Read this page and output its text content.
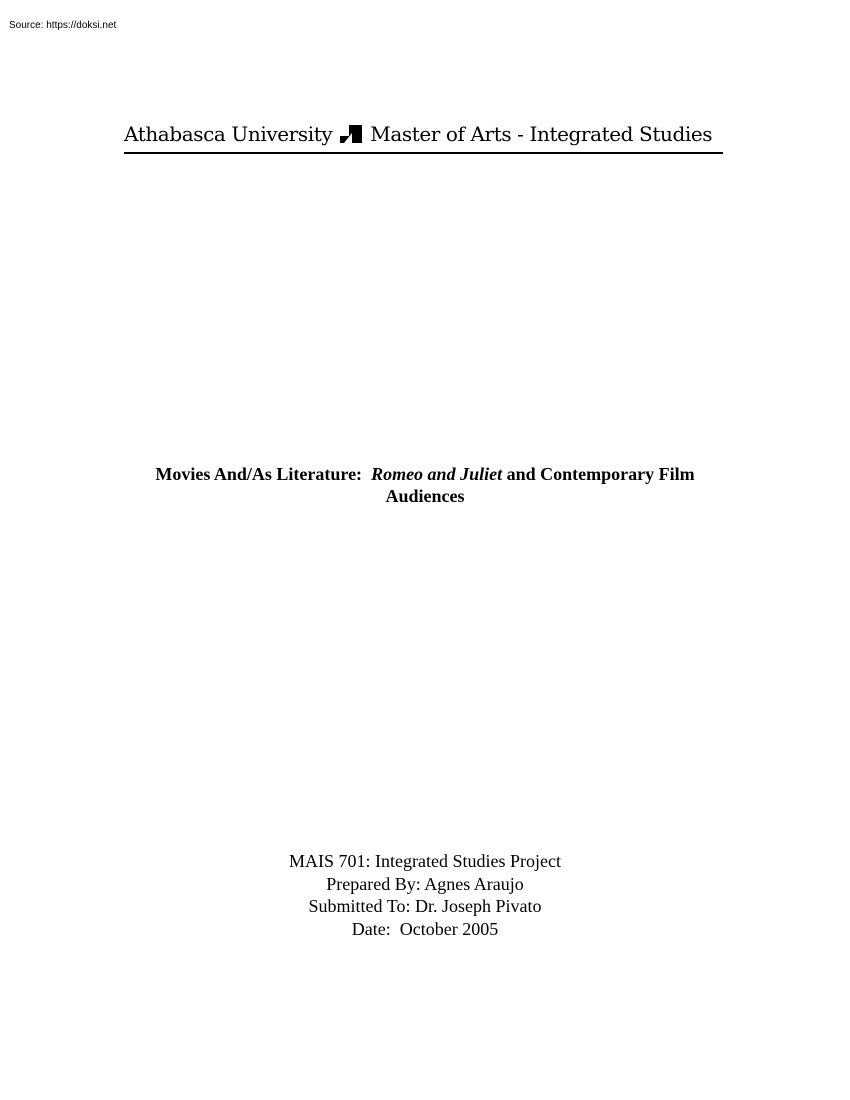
Source: https://doksi.net
Athabasca University Master of Arts - Integrated Studies
Movies And/As Literature: Romeo and Juliet and Contemporary Film
Audiences
MAIS 701: Integrated Studies Project
Prepared By: Agnes Araujo
Submitted To: Dr. Joseph Pivato
Date:  October 2005
